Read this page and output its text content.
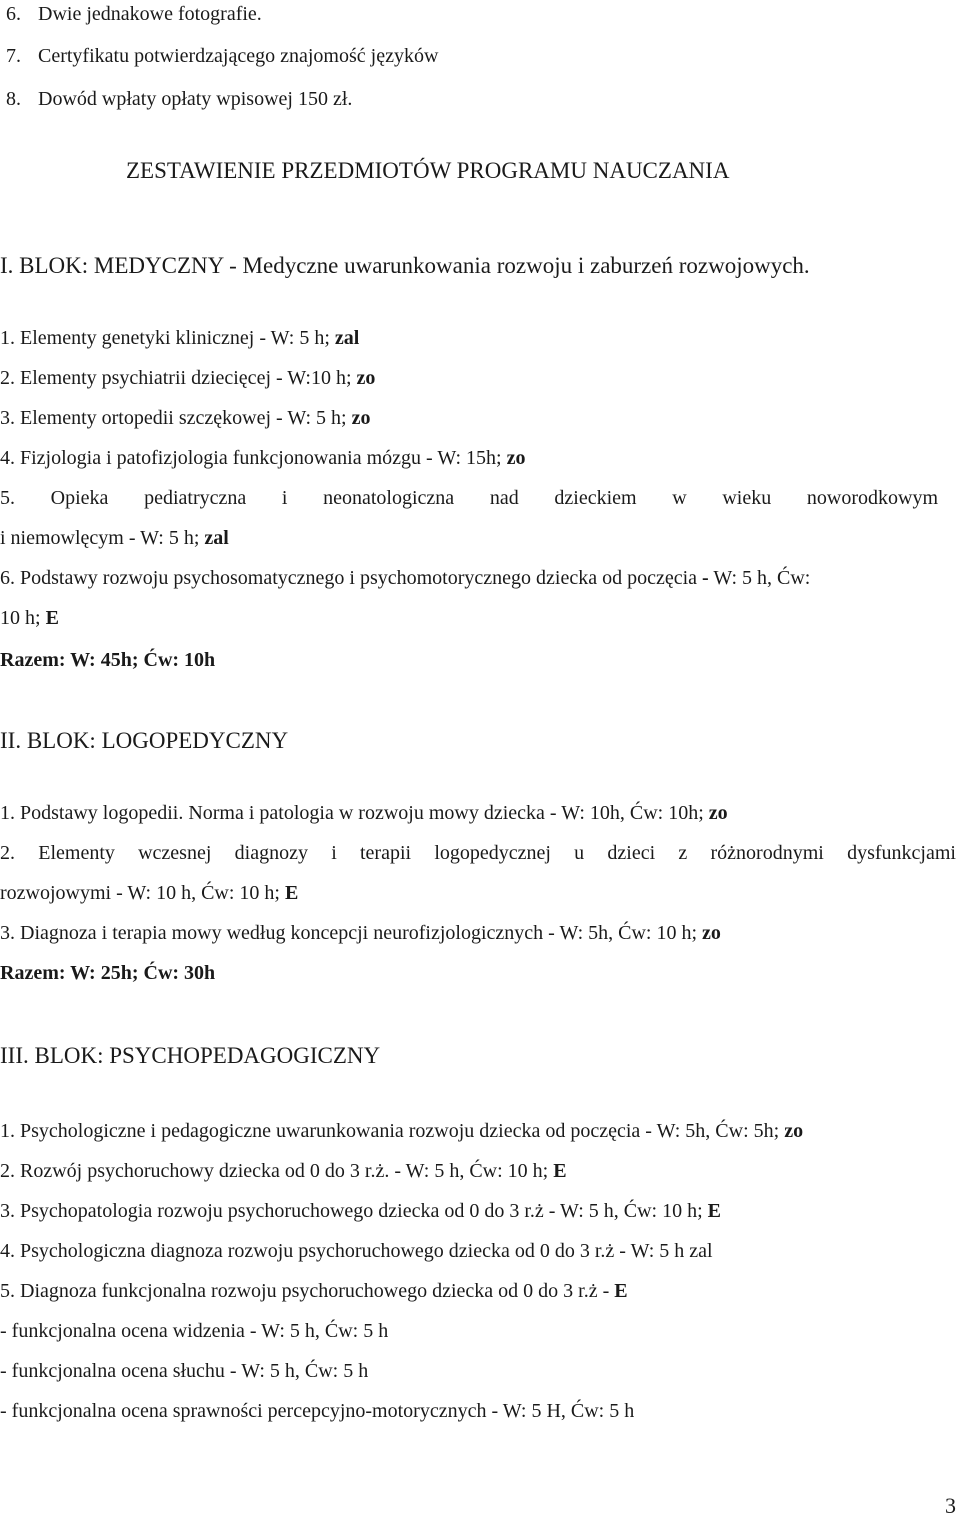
6. Dwie jednakowe fotografie.
7. Certyfikatu potwierdzającego znajomość języków
8. Dowód wpłaty opłaty wpisowej 150 zł.
ZESTAWIENIE PRZEDMIOTÓW PROGRAMU NAUCZANIA
I. BLOK: MEDYCZNY - Medyczne uwarunkowania rozwoju i zaburzeń rozwojowych.
1. Elementy genetyki klinicznej - W: 5 h; zal
2. Elementy psychiatrii dziecięcej - W:10 h; zo
3. Elementy ortopedii szczękowej - W: 5 h; zo
4. Fizjologia i patofizjologia funkcjonowania mózgu - W: 15h; zo
5. Opieka pediatryczna i neonatologiczna nad dzieckiem w wieku noworodkowym
i niemowlęcym - W: 5 h; zal
6. Podstawy rozwoju psychosomatycznego i psychomotorycznego dziecka od poczęcia - W: 5 h, Ćw:
10 h; E
Razem: W: 45h; Ćw: 10h
II. BLOK: LOGOPEDYCZNY
1. Podstawy logopedii. Norma i patologia w rozwoju mowy dziecka - W: 10h, Ćw: 10h; zo
2. Elementy wczesnej diagnozy i terapii logopedycznej u dzieci z różnorodnymi dysfunkcjami
rozwojowymi - W: 10 h, Ćw: 10 h; E
3. Diagnoza i terapia mowy według koncepcji neurofizjologicznych - W: 5h, Ćw: 10 h; zo
Razem: W: 25h; Ćw: 30h
III. BLOK: PSYCHOPEDAGOGICZNY
1. Psychologiczne i pedagogiczne uwarunkowania rozwoju dziecka od poczęcia - W: 5h, Ćw: 5h; zo
2. Rozwój psychoruchowy dziecka od 0 do 3 r.ż. - W: 5 h, Ćw: 10 h; E
3. Psychopatologia rozwoju psychoruchowego dziecka od 0 do 3 r.ż - W: 5 h, Ćw: 10 h; E
4. Psychologiczna diagnoza rozwoju psychoruchowego dziecka od 0 do 3 r.ż - W: 5 h zal
5. Diagnoza funkcjonalna rozwoju psychoruchowego dziecka od 0 do 3 r.ż - E
- funkcjonalna ocena widzenia - W: 5 h, Ćw: 5 h
- funkcjonalna ocena słuchu - W: 5 h, Ćw: 5 h
- funkcjonalna ocena sprawności percepcyjno-motorycznych - W: 5 H, Ćw: 5 h
3
